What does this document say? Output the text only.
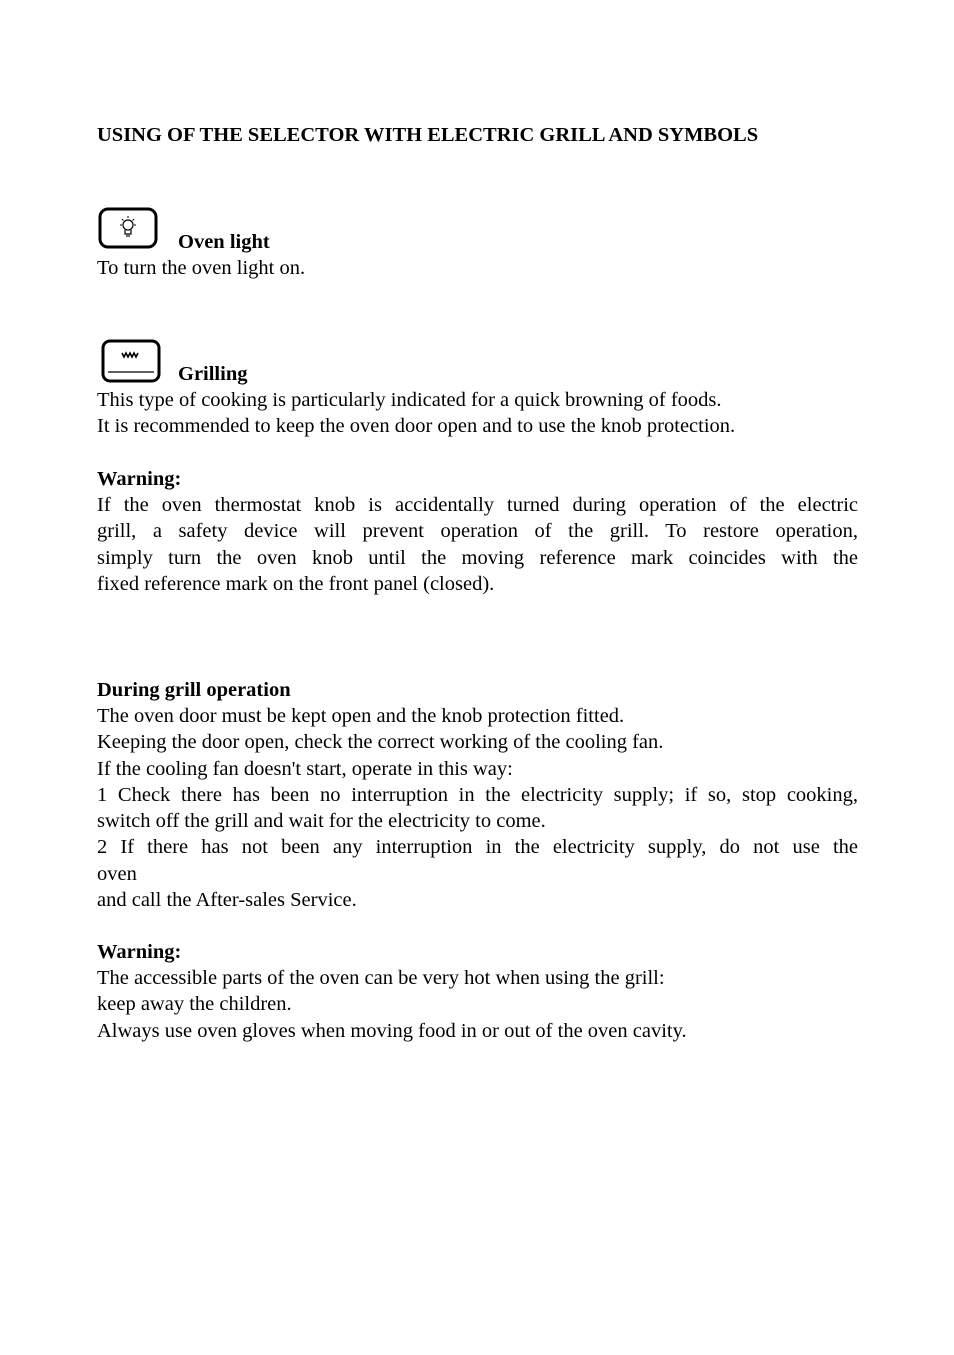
USING OF THE SELECTOR WITH ELECTRIC GRILL AND SYMBOLS
Oven light
To turn the oven light on.
Grilling
This type of cooking is particularly indicated for a quick browning of foods.
It is recommended to keep the oven door open and to use the knob protection.
Warning:
If the oven thermostat knob is accidentally turned during operation of the electric
grill, a safety device will prevent operation of the grill. To restore operation,
simply turn the oven knob until the moving reference mark coincides with the
fixed reference mark on the front panel (closed).
During grill operation
The oven door must be kept open and the knob protection fitted.
Keeping the door open, check the correct working of the cooling fan.
If the cooling fan doesn't start, operate in this way:
1 Check there has been no interruption in the electricity supply; if so, stop cooking,
switch off the grill and wait for the electricity to come.
2 If there has not been any interruption in the electricity supply, do not use the
oven
and call the After-sales Service.
Warning:
The accessible parts of the oven can be very hot when using the grill:
keep away the children.
Always use oven gloves when moving food in or out of the oven cavity.
